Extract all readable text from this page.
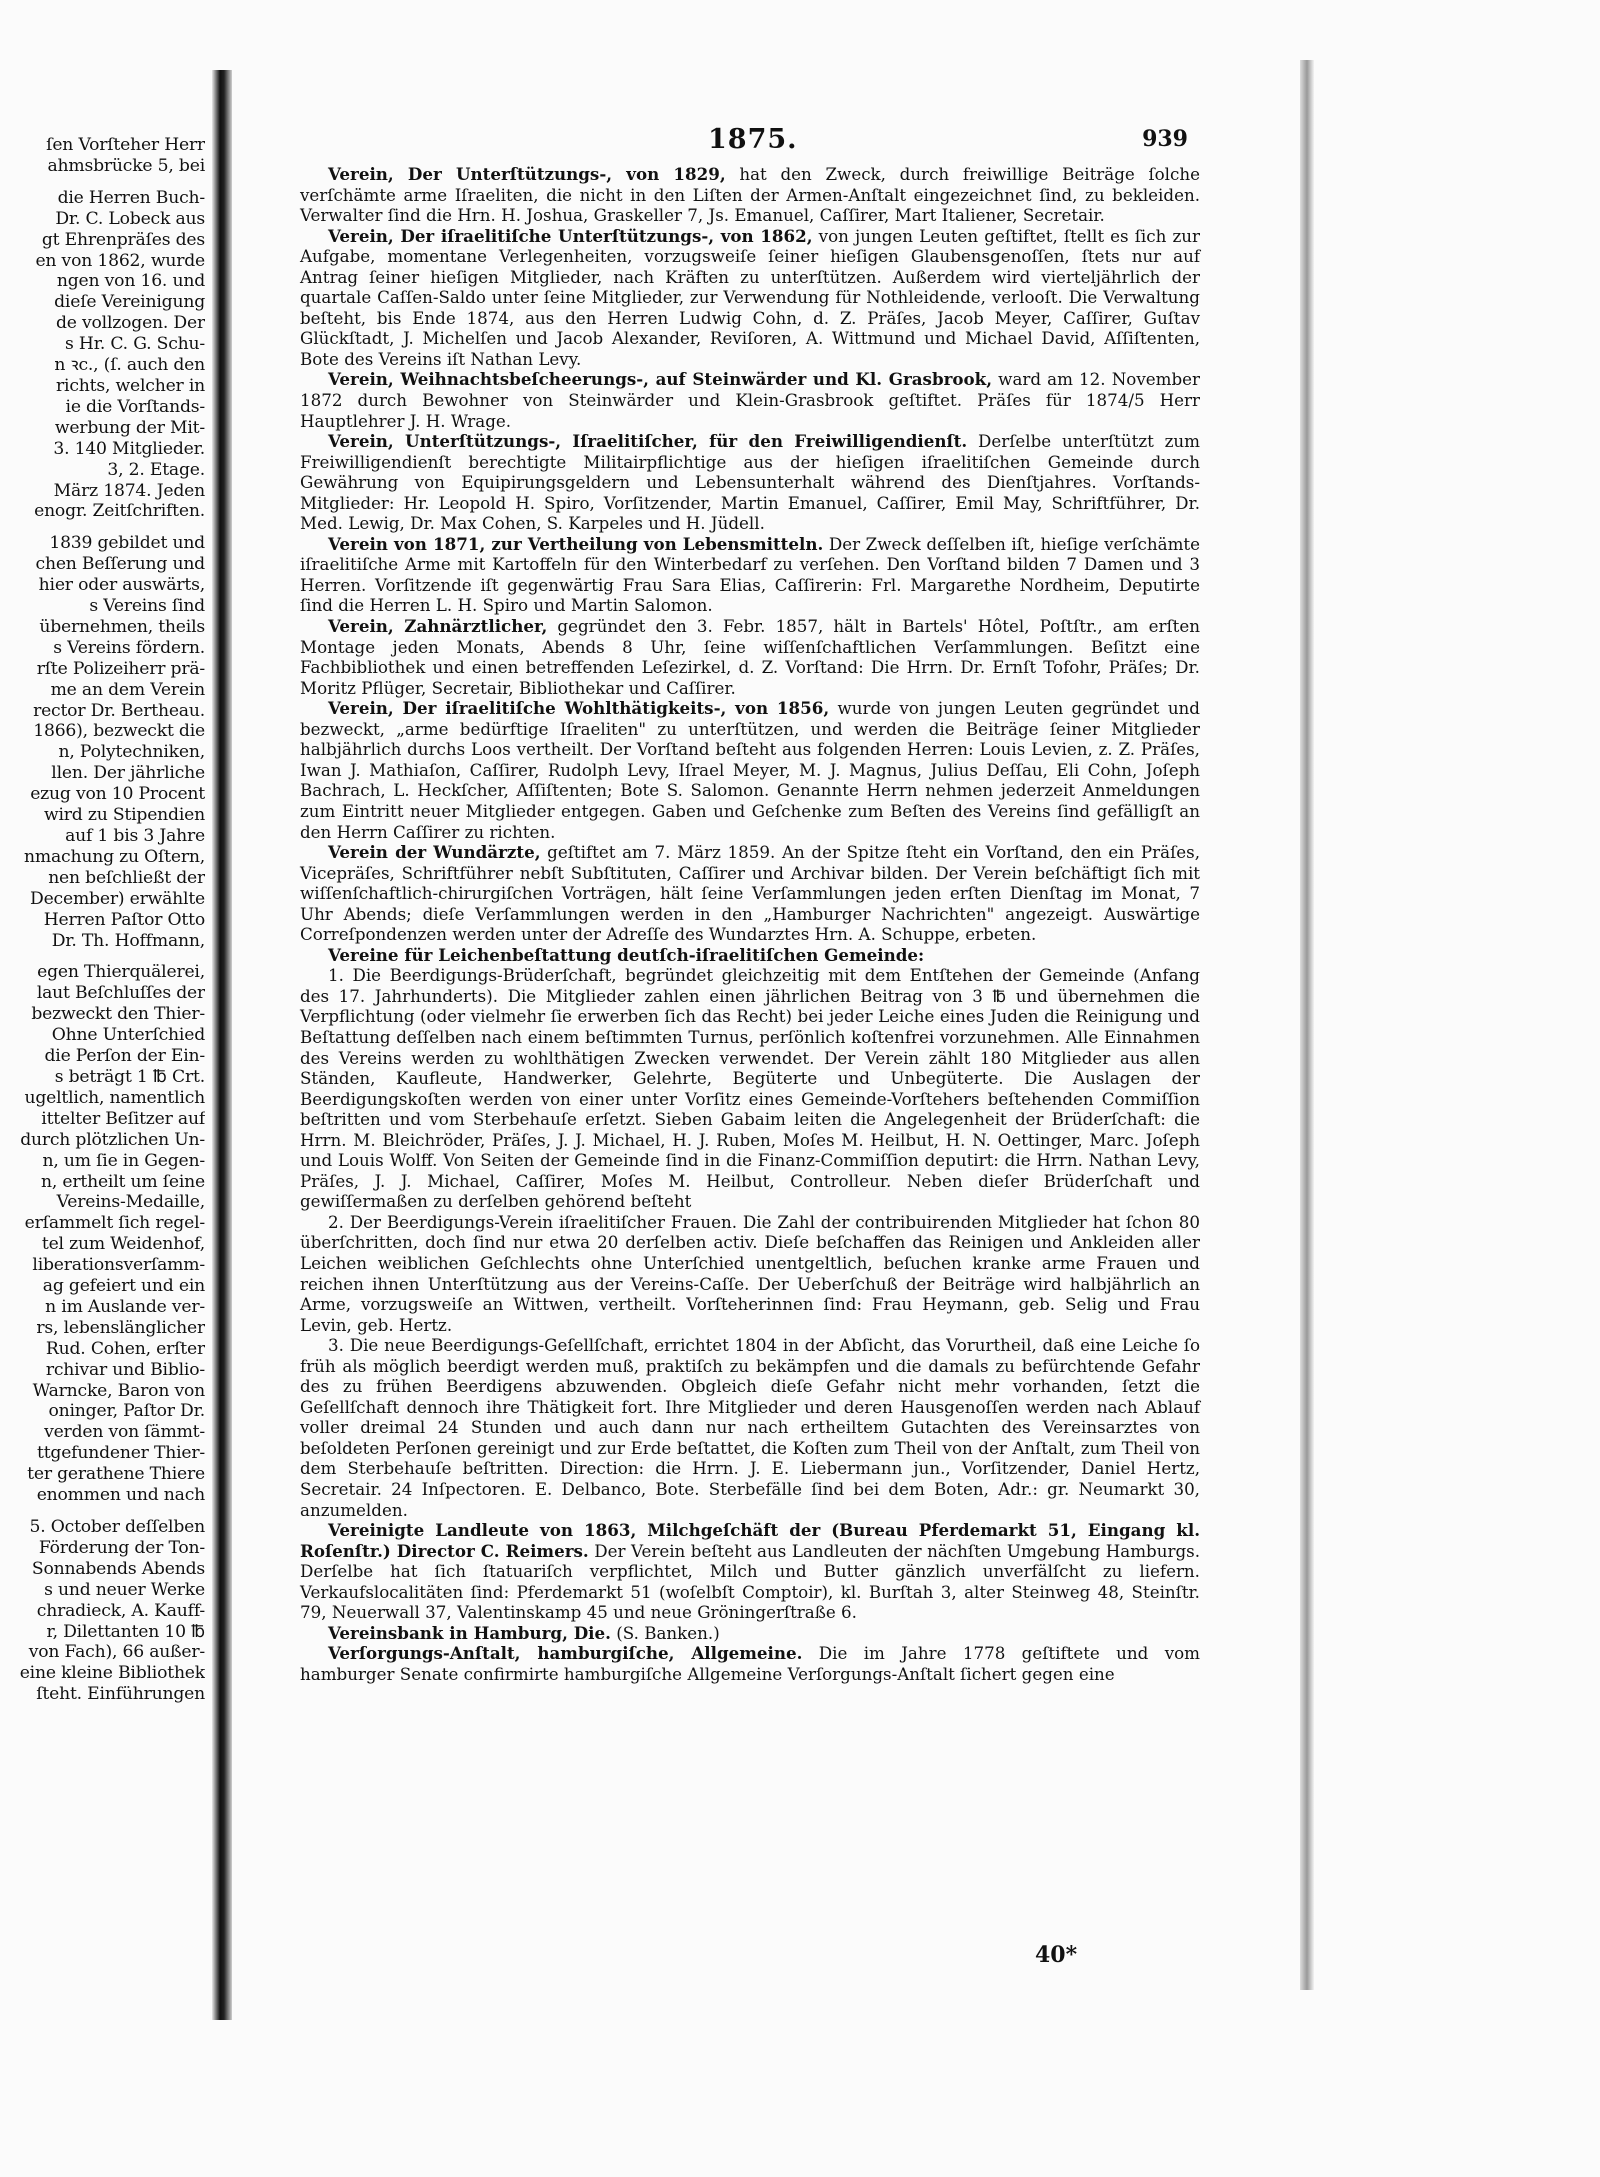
ſen Vorſteher Herr
ahmsbrücke 5, bei
die Herren Buch-
Dr. C. Lobeck aus
gt Ehrenpräſes des
en von 1862, wurde
ngen von 16. und
dieſe Vereinigung
de vollzogen. Der
s Hr. C. G. Schu-
n ꝛc., (ſ. auch den
richts, welcher in
ie die Vorſtands-
werbung der Mit-
3. 140 Mitglieder.
3, 2. Etage.
März 1874. Jeden
enogr. Zeitſchriften.
1839 gebildet und
chen Beſſerung und
hier oder auswärts,
s Vereins ſind
übernehmen, theils
s Vereins fördern.
rſte Polizeiherr prä-
me an dem Verein
rector Dr. Bertheau.
1866), bezweckt die
n, Polytechniken,
llen. Der jährliche
ezug von 10 Procent
wird zu Stipendien
auf 1 bis 3 Jahre
nmachung zu Oſtern,
nen beſchließt der
December) erwählte
Herren Paſtor Otto
Dr. Th. Hoffmann,
egen Thierquälerei,
laut Beſchluſſes der
bezweckt den Thier-
Ohne Unterſchied
die Perſon der Ein-
s beträgt 1 ℔ Crt.
ugeltlich, namentlich
ittelter Beſitzer auf
durch plötzlichen Un-
n, um ſie in Gegen-
n, ertheilt um ſeine
Vereins-Medaille,
erſammelt ſich regel-
tel zum Weidenhof,
liberationsverſamm-
ag gefeiert und ein
n im Auslande ver-
rs, lebenslänglicher
Rud. Cohen, erſter
rchivar und Biblio-
Warncke, Baron von
oninger, Paſtor Dr.
verden von ſämmt-
ttgefundener Thier-
ter gerathene Thiere
enommen und nach
5. October deſſelben
Förderung der Ton-
Sonnabends Abends
s und neuer Werke
chradieck, A. Kauff-
r, Dilettanten 10 ℔
von Fach), 66 außer-
eine kleine Bibliothek
ſteht. Einführungen
1875.	939

Verein, Der Unterſtützungs-, von 1829, hat den Zweck, durch freiwillige Beiträge ſolche verſchämte arme Iſraeliten, die nicht in den Liſten der Armen-Anſtalt eingezeichnet ſind, zu bekleiden. Verwalter ſind die Hrn. H. Joshua, Graskeller 7, Js. Emanuel, Caſſirer, Mart Italiener, Secretair.

Verein, Der iſraelitiſche Unterſtützungs-, von 1862, von jungen Leuten geſtiftet, ſtellt es ſich zur Aufgabe, momentane Verlegenheiten, vorzugsweiſe ſeiner hieſigen Glaubensgenoſſen, ſtets nur auf Antrag ſeiner hieſigen Mitglieder, nach Kräften zu unterſtützen. Außerdem wird vierteljährlich der quartale Caſſen-Saldo unter ſeine Mitglieder, zur Verwendung für Nothleidende, verlooſt. Die Verwaltung beſteht, bis Ende 1874, aus den Herren Ludwig Cohn, d. Z. Präſes, Jacob Meyer, Caſſirer, Guſtav Glückſtadt, J. Michelſen und Jacob Alexander, Reviſoren, A. Wittmund und Michael David, Aſſiſtenten, Bote des Vereins iſt Nathan Levy.

Verein, Weihnachtsbeſcheerungs-, auf Steinwärder und Kl. Grasbrook, ward am 12. November 1872 durch Bewohner von Steinwärder und Klein-Grasbrook geſtiftet. Präſes für 1874/5 Herr Hauptlehrer J. H. Wrage.

Verein, Unterſtützungs-, Iſraelitiſcher, für den Freiwilligendienſt. Derſelbe unterſtützt zum Freiwilligendienſt berechtigte Militairpflichtige aus der hieſigen iſraelitiſchen Gemeinde durch Gewährung von Equipirungsgeldern und Lebensunterhalt während des Dienſtjahres. Vorſtands-Mitglieder: Hr. Leopold H. Spiro, Vorſitzender, Martin Emanuel, Caſſirer, Emil May, Schriftführer, Dr. Med. Lewig, Dr. Max Cohen, S. Karpeles und H. Jüdell.

Verein von 1871, zur Vertheilung von Lebensmitteln. Der Zweck deſſelben iſt, hieſige verſchämte iſraelitiſche Arme mit Kartoffeln für den Winterbedarf zu verſehen. Den Vorſtand bilden 7 Damen und 3 Herren. Vorſitzende iſt gegenwärtig Frau Sara Elias, Caſſirerin: Frl. Margarethe Nordheim, Deputirte ſind die Herren L. H. Spiro und Martin Salomon.

Verein, Zahnärztlicher, gegründet den 3. Febr. 1857, hält in Bartels' Hôtel, Poſtſtr., am erſten Montage jeden Monats, Abends 8 Uhr, ſeine wiſſenſchaftlichen Verſammlungen. Beſitzt eine Fachbibliothek und einen betreffenden Leſezirkel, d. Z. Vorſtand: Die Hrrn. Dr. Ernſt Tofohr, Präſes; Dr. Moritz Pflüger, Secretair, Bibliothekar und Caſſirer.

Verein, Der iſraelitiſche Wohlthätigkeits-, von 1856, wurde von jungen Leuten gegründet und bezweckt, „arme bedürftige Iſraeliten" zu unterſtützen, und werden die Beiträge ſeiner Mitglieder halbjährlich durchs Loos vertheilt. Der Vorſtand beſteht aus folgenden Herren: Louis Levien, z. Z. Präſes, Iwan J. Mathiaſon, Caſſirer, Rudolph Levy, Iſrael Meyer, M. J. Magnus, Julius Deſſau, Eli Cohn, Joſeph Bachrach, L. Heckſcher, Aſſiſtenten; Bote S. Salomon. Genannte Herrn nehmen jederzeit Anmeldungen zum Eintritt neuer Mitglieder entgegen. Gaben und Geſchenke zum Beſten des Vereins ſind gefälligſt an den Herrn Caſſirer zu richten.

Verein der Wundärzte, geſtiftet am 7. März 1859. An der Spitze ſteht ein Vorſtand, den ein Präſes, Vicepräſes, Schriftführer nebſt Subſtituten, Caſſirer und Archivar bilden. Der Verein beſchäftigt ſich mit wiſſenſchaftlich-chirurgiſchen Vorträgen, hält ſeine Verſammlungen jeden erſten Dienſtag im Monat, 7 Uhr Abends; dieſe Verſammlungen werden in den „Hamburger Nachrichten" angezeigt. Auswärtige Correſpondenzen werden unter der Adreſſe des Wundarztes Hrn. A. Schuppe, erbeten.

Vereine für Leichenbeſtattung deutſch-iſraelitiſchen Gemeinde:

1. Die Beerdigungs-Brüderſchaft, begründet gleichzeitig mit dem Entſtehen der Gemeinde (Anfang des 17. Jahrhunderts). Die Mitglieder zahlen einen jährlichen Beitrag von 3 ℔ und übernehmen die Verpflichtung (oder vielmehr ſie erwerben ſich das Recht) bei jeder Leiche eines Juden die Reinigung und Beſtattung deſſelben nach einem beſtimmten Turnus, perſönlich koſtenfrei vorzunehmen. Alle Einnahmen des Vereins werden zu wohlthätigen Zwecken verwendet. Der Verein zählt 180 Mitglieder aus allen Ständen, Kaufleute, Handwerker, Gelehrte, Begüterte und Unbegüterte. Die Auslagen der Beerdigungskoſten werden von einer unter Vorſitz eines Gemeinde-Vorſtehers beſtehenden Commiſſion beſtritten und vom Sterbehauſe erſetzt. Sieben Gabaim leiten die Angelegenheit der Brüderſchaft: die Hrrn. M. Bleichröder, Präſes, J. J. Michael, H. J. Ruben, Moſes M. Heilbut, H. N. Oettinger, Marc. Joſeph und Louis Wolff. Von Seiten der Gemeinde ſind in die Finanz-Commiſſion deputirt: die Hrrn. Nathan Levy, Präſes, J. J. Michael, Caſſirer, Moſes M. Heilbut, Controlleur. Neben dieſer Brüderſchaft und gewiſſermaßen zu derſelben gehörend beſteht

2. Der Beerdigungs-Verein iſraelitiſcher Frauen. Die Zahl der contribuirenden Mitglieder hat ſchon 80 überſchritten, doch ſind nur etwa 20 derſelben activ. Dieſe beſchaffen das Reinigen und Ankleiden aller Leichen weiblichen Geſchlechts ohne Unterſchied unentgeltlich, beſuchen kranke arme Frauen und reichen ihnen Unterſtützung aus der Vereins-Caſſe. Der Ueberſchuß der Beiträge wird halbjährlich an Arme, vorzugsweiſe an Wittwen, vertheilt. Vorſteherinnen ſind: Frau Heymann, geb. Selig und Frau Levin, geb. Hertz.

3. Die neue Beerdigungs-Geſellſchaft, errichtet 1804 in der Abſicht, das Vorurtheil, daß eine Leiche ſo früh als möglich beerdigt werden muß, praktiſch zu bekämpfen und die damals zu befürchtende Gefahr des zu frühen Beerdigens abzuwenden. Obgleich dieſe Gefahr nicht mehr vorhanden, ſetzt die Geſellſchaft dennoch ihre Thätigkeit fort. Ihre Mitglieder und deren Hausgenoſſen werden nach Ablauf voller dreimal 24 Stunden und auch dann nur nach ertheiltem Gutachten des Vereinsarztes von beſoldeten Perſonen gereinigt und zur Erde beſtattet, die Koſten zum Theil von der Anſtalt, zum Theil von dem Sterbehauſe beſtritten. Direction: die Hrrn. J. E. Liebermann jun., Vorſitzender, Daniel Hertz, Secretair. 24 Inſpectoren. E. Delbanco, Bote. Sterbefälle ſind bei dem Boten, Adr.: gr. Neumarkt 30, anzumelden.

Vereinigte Landleute von 1863, Milchgeſchäft der (Bureau Pferdemarkt 51, Eingang kl. Roſenſtr.) Director C. Reimers. Der Verein beſteht aus Landleuten der nächſten Umgebung Hamburgs. Derſelbe hat ſich ſtatuariſch verpflichtet, Milch und Butter gänzlich unverfälſcht zu liefern. Verkaufslocalitäten ſind: Pferdemarkt 51 (woſelbſt Comptoir), kl. Burſtah 3, alter Steinweg 48, Steinſtr. 79, Neuerwall 37, Valentinskamp 45 und neue Gröningerſtraße 6.

Vereinsbank in Hamburg, Die. (S. Banken.)

Verſorgungs-Anſtalt, hamburgiſche, Allgemeine. Die im Jahre 1778 geſtiftete und vom hamburger Senate confirmirte hamburgiſche Allgemeine Verſorgungs-Anſtalt ſichert gegen eine

40*
